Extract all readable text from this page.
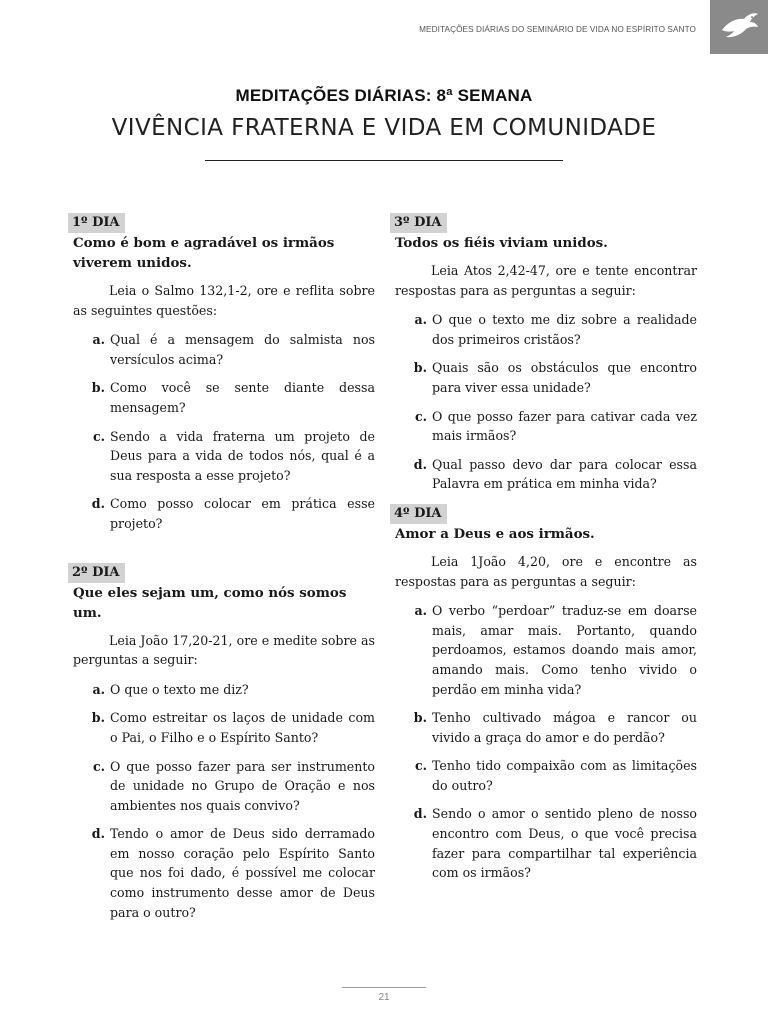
MEDITAÇÕES DIÁRIAS DO SEMINÁRIO DE VIDA NO ESPÍRITO SANTO
MEDITAÇÕES DIÁRIAS: 8ª SEMANA
VIVÊNCIA FRATERNA E VIDA EM COMUNIDADE
1º DIA
Como é bom e agradável os irmãos viverem unidos.

Leia o Salmo 132,1-2, ore e reflita sobre as seguintes questões:

a. Qual é a mensagem do salmista nos versículos acima?
b. Como você se sente diante dessa mensagem?
c. Sendo a vida fraterna um projeto de Deus para a vida de todos nós, qual é a sua resposta a esse projeto?
d. Como posso colocar em prática esse projeto?
2º DIA
Que eles sejam um, como nós somos um.

Leia João 17,20-21, ore e medite sobre as perguntas a seguir:

a. O que o texto me diz?
b. Como estreitar os laços de unidade com o Pai, o Filho e o Espírito Santo?
c. O que posso fazer para ser instrumento de unidade no Grupo de Oração e nos ambientes nos quais convivo?
d. Tendo o amor de Deus sido derramado em nosso coração pelo Espírito Santo que nos foi dado, é possível me colocar como instrumento desse amor de Deus para o outro?
3º DIA
Todos os fiéis viviam unidos.

Leia Atos 2,42-47, ore e tente encontrar respostas para as perguntas a seguir:

a. O que o texto me diz sobre a realidade dos primeiros cristãos?
b. Quais são os obstáculos que encontro para viver essa unidade?
c. O que posso fazer para cativar cada vez mais irmãos?
d. Qual passo devo dar para colocar essa Palavra em prática em minha vida?
4º DIA
Amor a Deus e aos irmãos.

Leia 1João 4,20, ore e encontre as respostas para as perguntas a seguir:

a. O verbo “perdoar” traduz-se em doarse mais, amar mais. Portanto, quando perdoamos, estamos doando mais amor, amando mais. Como tenho vivido o perdão em minha vida?
b. Tenho cultivado mágoa e rancor ou vivido a graça do amor e do perdão?
c. Tenho tido compaixão com as limitações do outro?
d. Sendo o amor o sentido pleno de nosso encontro com Deus, o que você precisa fazer para compartilhar tal experiência com os irmãos?
21
